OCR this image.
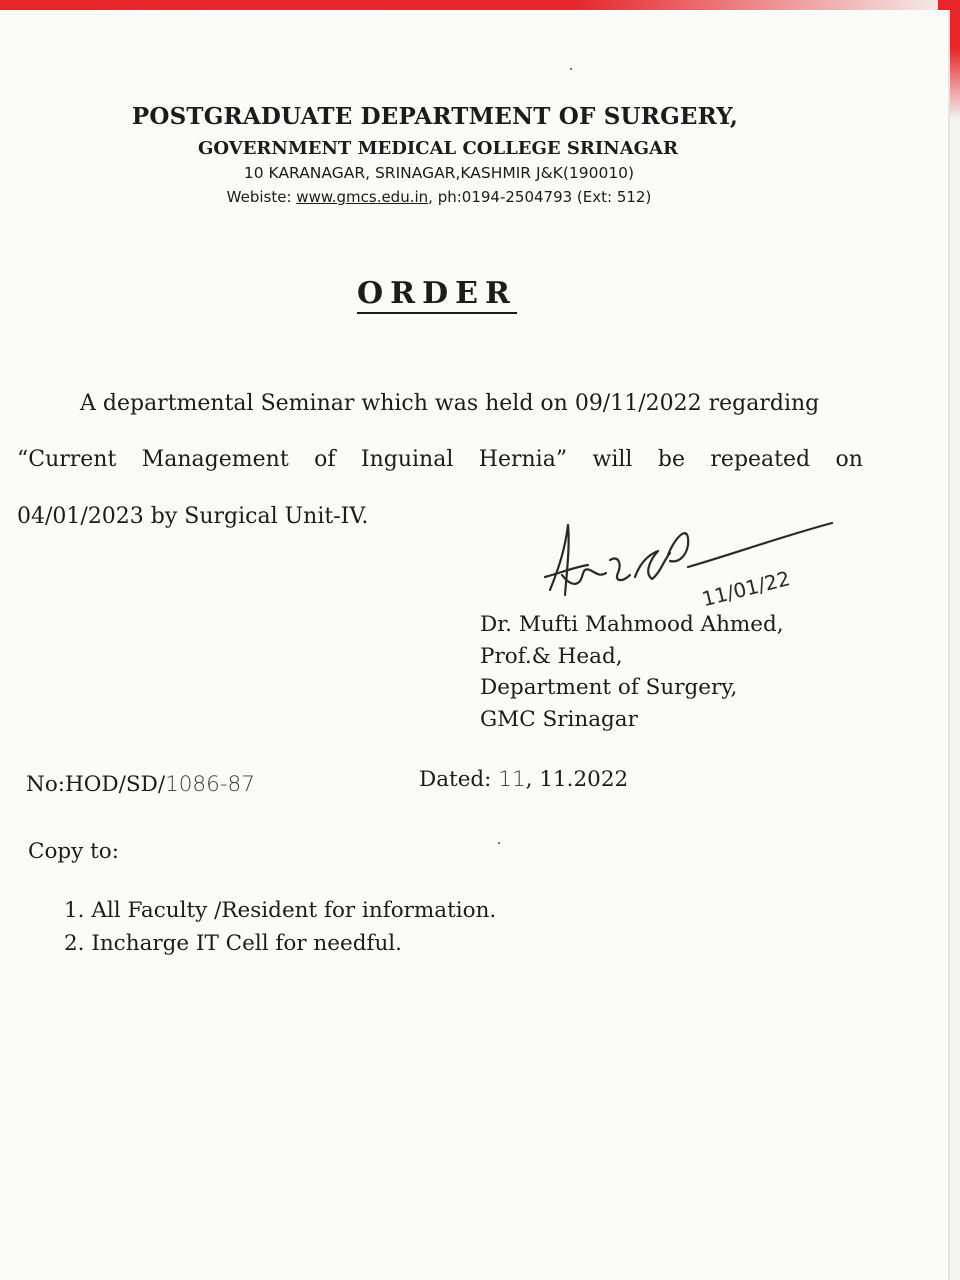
POSTGRADUATE DEPARTMENT OF SURGERY,
GOVERNMENT MEDICAL COLLEGE SRINAGAR
10 KARANAGAR, SRINAGAR,KASHMIR J&K(190010)
Webiste: www.gmcs.edu.in, ph:0194-2504793 (Ext: 512)
ORDER
A departmental Seminar which was held on 09/11/2022 regarding
“Current Management of Inguinal Hernia” will be repeated on
04/01/2023 by Surgical Unit-IV.
11/01/22
Dr. Mufti Mahmood Ahmed,
Prof.& Head,
Department of Surgery,
GMC Srinagar
No:HOD/SD/1086-87	Dated: 11, 11.2022
Copy to:
1. All Faculty /Resident for information.
2. Incharge IT Cell for needful.
